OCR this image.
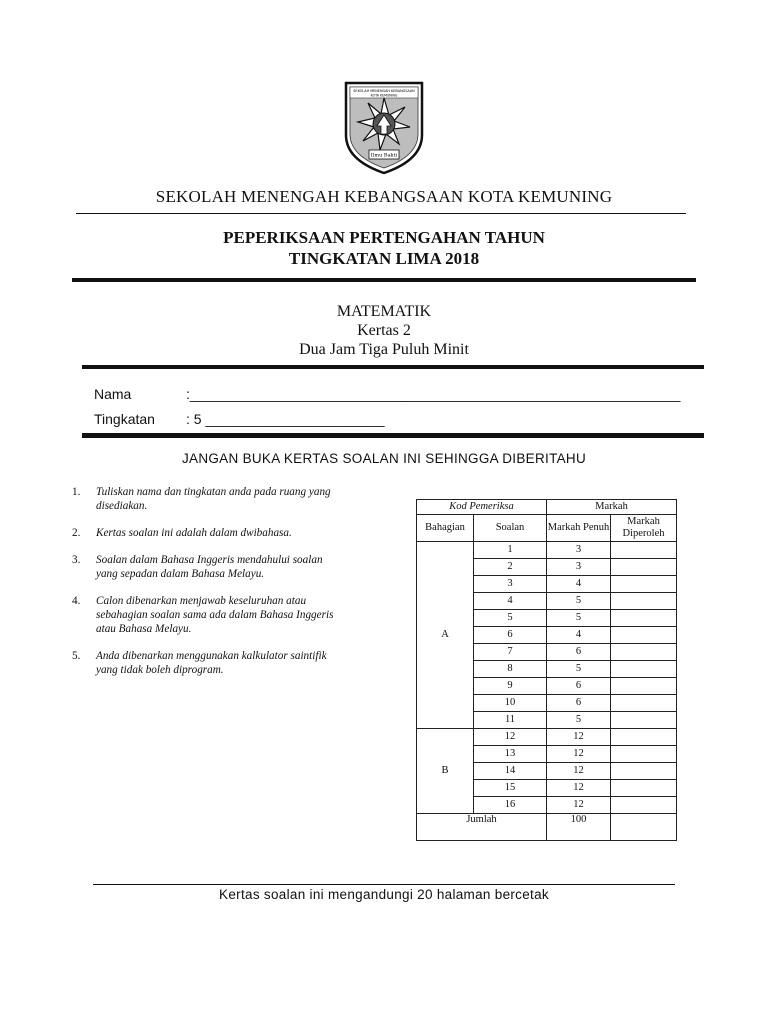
SEKOLAH MENENGAH KEBANGSAAN
KOTA KEMUNING
Ilmu Bakti
SEKOLAH MENENGAH KEBANGSAAN KOTA KEMUNING
PEPERIKSAAN PERTENGAHAN TAHUN
TINGKATAN LIMA 2018
MATEMATIK
Kertas 2
Dua Jam Tiga Puluh Minit
Nama	:_______________________________________________________________
Tingkatan : 5 _______________________
JANGAN BUKA KERTAS SOALAN INI SEHINGGA DIBERITAHU
1. Tuliskan nama dan tingkatan anda pada ruang yang disediakan.
2. Kertas soalan ini adalah dalam dwibahasa.
3. Soalan dalam Bahasa Inggeris mendahului soalan yang sepadan dalam Bahasa Melayu.
4. Calon dibenarkan menjawab keseluruhan atau sebahagian soalan sama ada dalam Bahasa Inggeris atau Bahasa Melayu.
5. Anda dibenarkan menggunakan kalkulator saintifik yang tidak boleh diprogram.
Kod Pemeriksa		Markah	
Bahagian	Soalan	Markah Penuh	Markah Diperoleh
A	1	3	
	2	3	
	3	4	
	4	5	
	5	5	
	6	4	
	7	6	
	8	5	
	9	6	
	10	6	
	11	5	
B	12	12	
	13	12	
	14	12	
	15	12	
	16	12	
Jumlah		100	
Kertas soalan ini mengandungi 20 halaman bercetak
